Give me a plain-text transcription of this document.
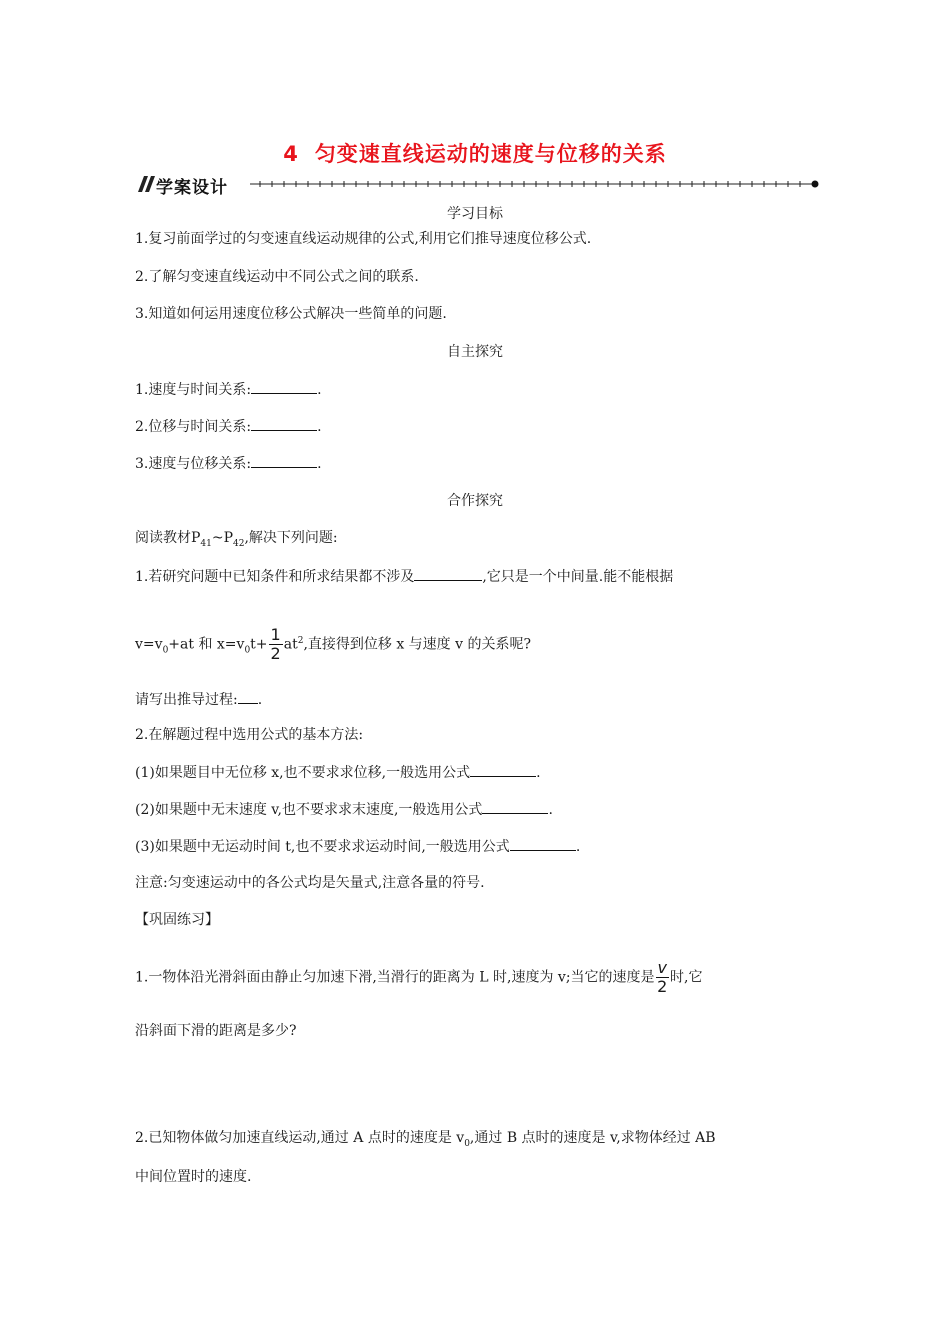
4 匀变速直线运动的速度与位移的关系
学案设计
学习目标
1.复习前面学过的匀变速直线运动规律的公式,利用它们推导速度位移公式.
2.了解匀变速直线运动中不同公式之间的联系.
3.知道如何运用速度位移公式解决一些简单的问题.
自主探究
1.速度与时间关系:	.
2.位移与时间关系:	.
3.速度与位移关系:	.
合作探究
阅读教材$P_{41}\sim P_{42}$,解决下列问题:
1.若研究问题中已知条件和所求结果都不涉及	,它只是一个中间量.能不能根据
$v=v_0+at$ 和 $x=v_0t+ \frac{1}{2} at^2$,直接得到位移 x 与速度 v 的关系呢?
请写出推导过程: .
2.在解题过程中选用公式的基本方法:
(1)如果题目中无位移 x,也不要求求位移,一般选用公式	.
(2)如果题中无末速度 v,也不要求求末速度,一般选用公式	.
(3)如果题中无运动时间 t,也不要求求运动时间,一般选用公式	.
注意:匀变速运动中的各公式均是矢量式,注意各量的符号.
【巩固练习】
1.一物体沿光滑斜面由静止匀加速下滑,当滑行的距离为 L 时,速度为 v;当它的速度是 $\frac{v}{2}$ 时,它
沿斜面下滑的距离是多少?
2.已知物体做匀加速直线运动,通过 A 点时的速度是 $v_0$,通过 B 点时的速度是 v,求物体经过 AB
中间位置时的速度.
